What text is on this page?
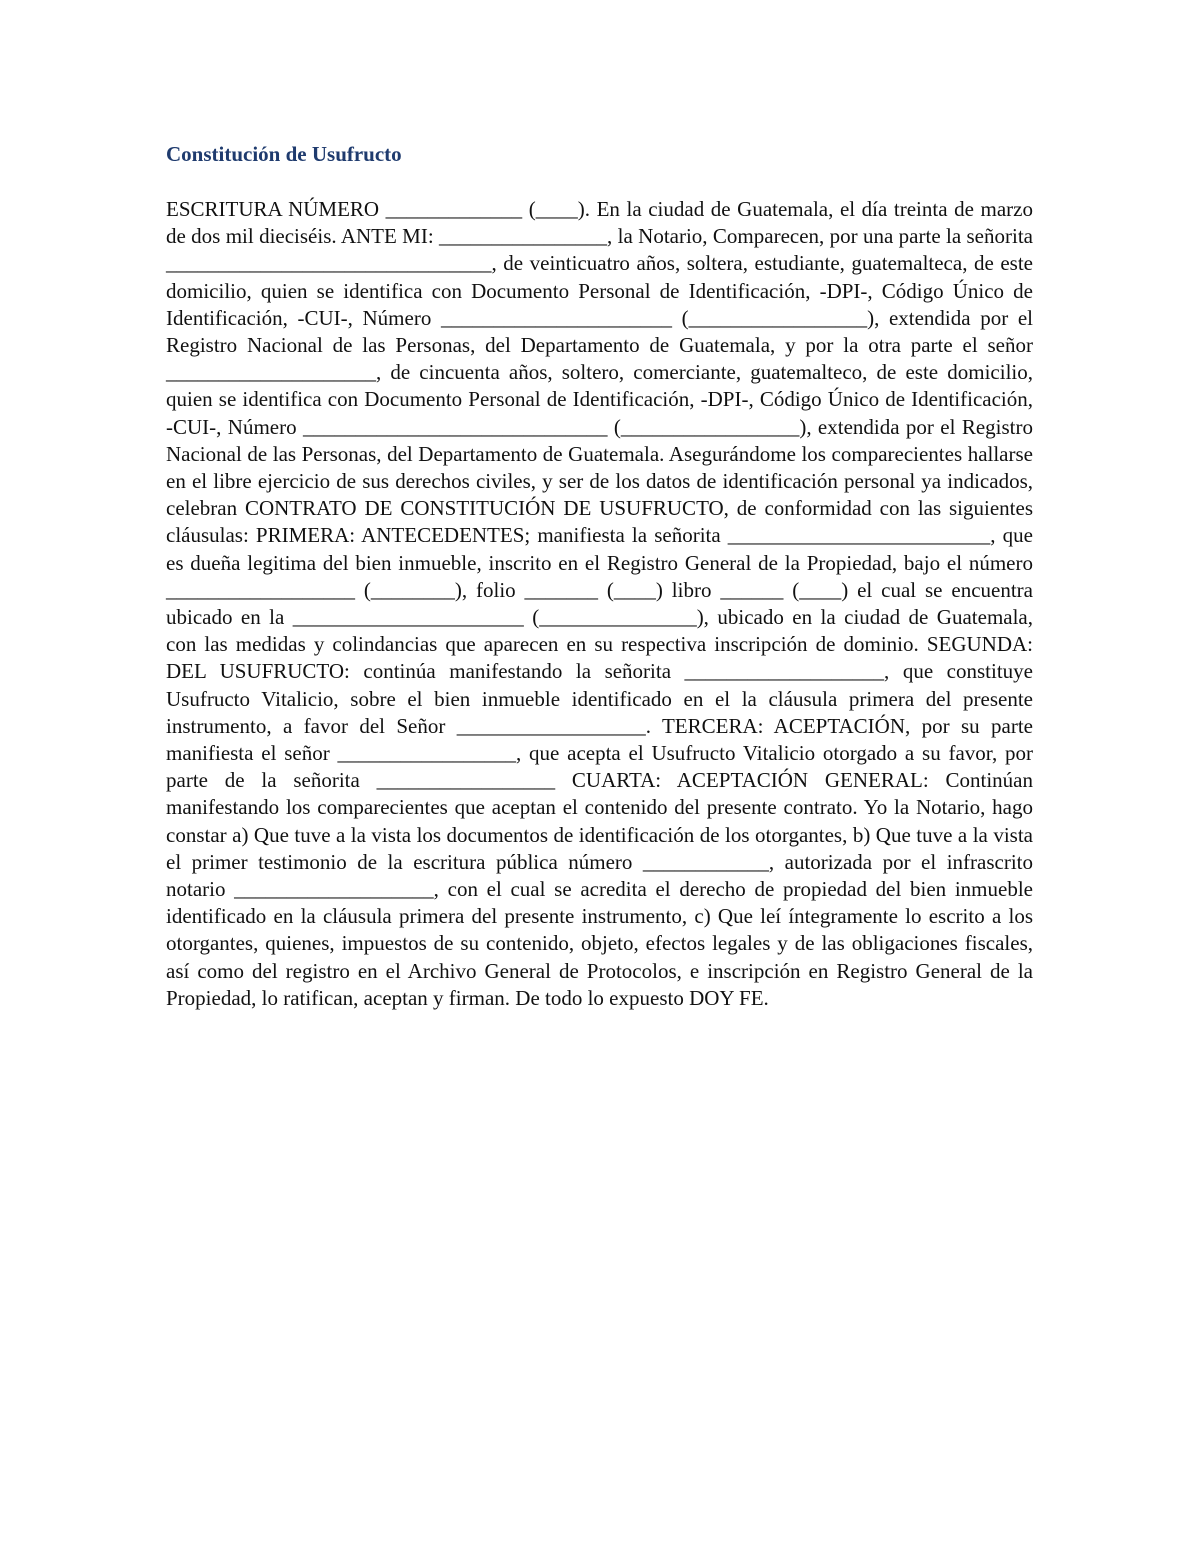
Constitución de Usufructo

ESCRITURA NÚMERO _____________ (____). En la ciudad de Guatemala, el día treinta de marzo de dos mil dieciséis. ANTE MI: ________________, la Notario, Comparecen, por una parte la señorita _______________________________, de veinticuatro años, soltera, estudiante, guatemalteca, de este domicilio, quien se identifica con Documento Personal de Identificación, -DPI-, Código Único de Identificación, -CUI-, Número ______________________ (_________________), extendida por el Registro Nacional de las Personas, del Departamento de Guatemala, y por la otra parte el señor ____________________, de cincuenta años, soltero, comerciante, guatemalteco, de este domicilio, quien se identifica con Documento Personal de Identificación, -DPI-, Código Único de Identificación, -CUI-, Número _____________________________ (_________________), extendida por el Registro Nacional de las Personas, del Departamento de Guatemala. Asegurándome los comparecientes hallarse en el libre ejercicio de sus derechos civiles, y ser de los datos de identificación personal ya indicados, celebran CONTRATO DE CONSTITUCIÓN DE USUFRUCTO, de conformidad con las siguientes cláusulas: PRIMERA: ANTECEDENTES; manifiesta la señorita _________________________, que es dueña legitima del bien inmueble, inscrito en el Registro General de la Propiedad, bajo el número __________________ (________), folio _______ (____) libro ______ (____) el cual se encuentra ubicado en la ______________________ (_______________), ubicado en la ciudad de Guatemala, con las medidas y colindancias que aparecen en su respectiva inscripción de dominio. SEGUNDA: DEL USUFRUCTO: continúa manifestando la señorita ___________________, que constituye Usufructo Vitalicio, sobre el bien inmueble identificado en el la cláusula primera del presente instrumento, a favor del Señor __________________. TERCERA: ACEPTACIÓN, por su parte manifiesta el señor _________________, que acepta el Usufructo Vitalicio otorgado a su favor, por parte de la señorita _________________ CUARTA: ACEPTACIÓN GENERAL: Continúan manifestando los comparecientes que aceptan el contenido del presente contrato. Yo la Notario, hago constar a) Que tuve a la vista los documentos de identificación de los otorgantes, b) Que tuve a la vista el primer testimonio de la escritura pública número ____________, autorizada por el infrascrito notario ___________________, con el cual se acredita el derecho de propiedad del bien inmueble identificado en la cláusula primera del presente instrumento, c) Que leí íntegramente lo escrito a los otorgantes, quienes, impuestos de su contenido, objeto, efectos legales y de las obligaciones fiscales, así como del registro en el Archivo General de Protocolos, e inscripción en Registro General de la Propiedad, lo ratifican, aceptan y firman. De todo lo expuesto DOY FE.
